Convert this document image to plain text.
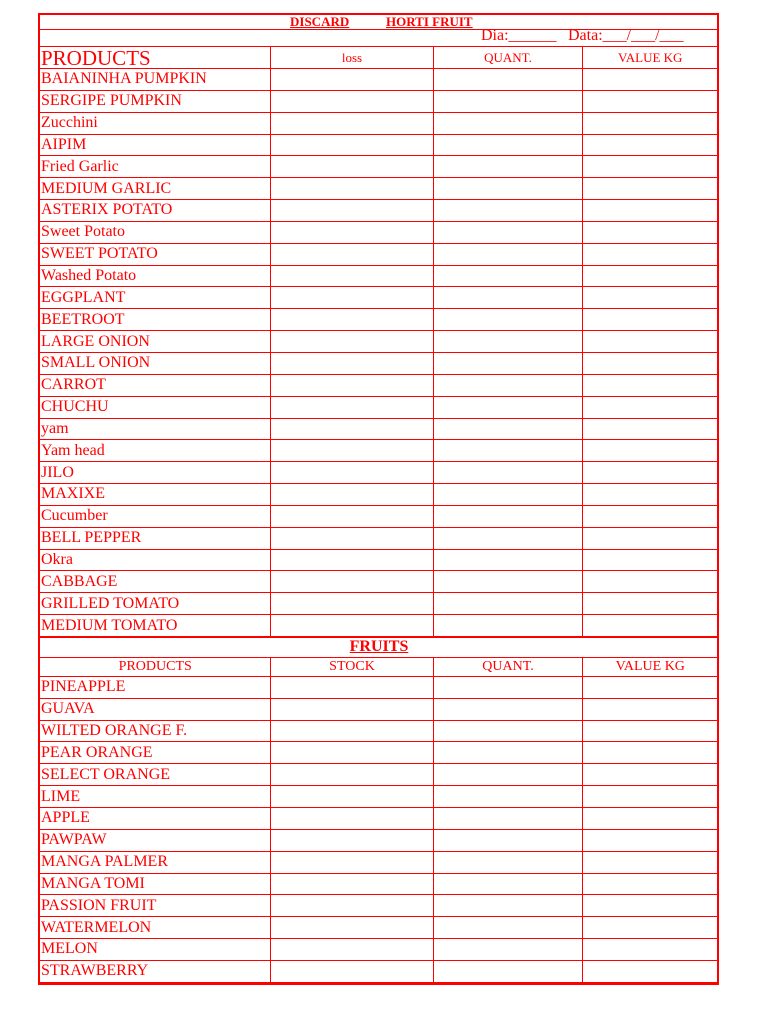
DISCARD	HORTI FRUIT
Dia:______ Data:___/___/___
PRODUCTS	loss	QUANT.	VALUE KG
BAIANINHA PUMPKIN			
SERGIPE PUMPKIN			
Zucchini			
AIPIM			
Fried Garlic			
MEDIUM GARLIC			
ASTERIX POTATO			
Sweet Potato			
SWEET POTATO			
Washed Potato			
EGGPLANT			
BEETROOT			
LARGE ONION			
SMALL ONION			
CARROT			
CHUCHU			
yam			
Yam head			
JILO			
MAXIXE			
Cucumber			
BELL PEPPER			
Okra			
CABBAGE			
GRILLED TOMATO			
MEDIUM TOMATO			
FRUITS			
PRODUCTS	STOCK	QUANT.	VALUE KG
PINEAPPLE			
GUAVA			
WILTED ORANGE F.			
PEAR ORANGE			
SELECT ORANGE			
LIME			
APPLE			
PAWPAW			
MANGA PALMER			
MANGA TOMI			
PASSION FRUIT			
WATERMELON			
MELON			
STRAWBERRY			
